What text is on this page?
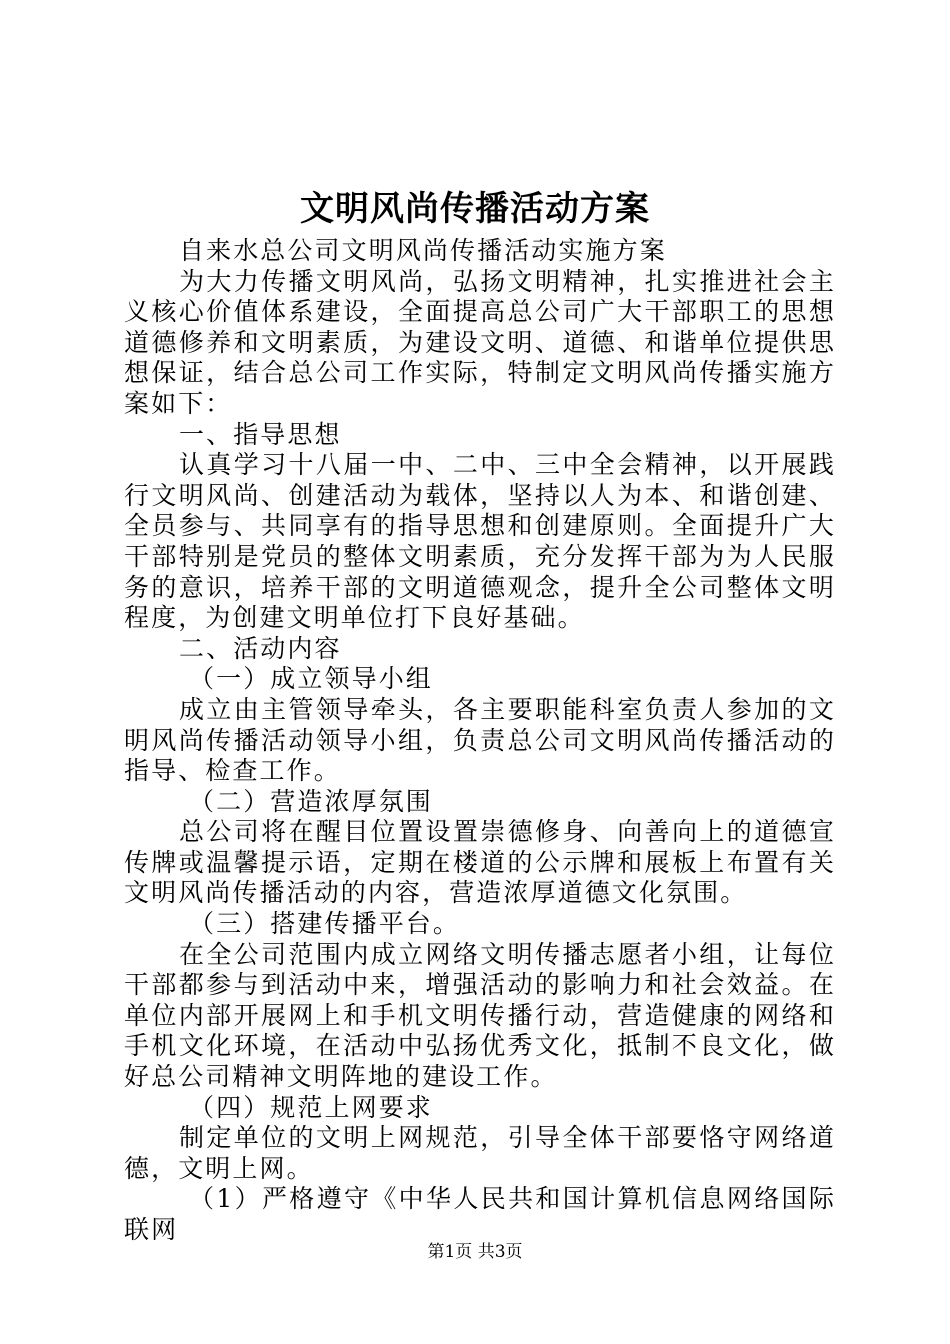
文明风尚传播活动方案

自来水总公司文明风尚传播活动实施方案

为大力传播文明风尚，弘扬文明精神，扎实推进社会主义核心价值体系建设，全面提高总公司广大干部职工的思想道德修养和文明素质，为建设文明、道德、和谐单位提供思想保证，结合总公司工作实际，特制定文明风尚传播实施方案如下：

一、指导思想

认真学习十八届一中、二中、三中全会精神，以开展践行文明风尚、创建活动为载体，坚持以人为本、和谐创建、全员参与、共同享有的指导思想和创建原则。全面提升广大干部特别是党员的整体文明素质，充分发挥干部为为人民服务的意识，培养干部的文明道德观念，提升全公司整体文明程度，为创建文明单位打下良好基础。

二、活动内容

（一）成立领导小组

成立由主管领导牵头，各主要职能科室负责人参加的文明风尚传播活动领导小组，负责总公司文明风尚传播活动的指导、检查工作。

（二）营造浓厚氛围

总公司将在醒目位置设置崇德修身、向善向上的道德宣传牌或温馨提示语，定期在楼道的公示牌和展板上布置有关文明风尚传播活动的内容，营造浓厚道德文化氛围。

（三）搭建传播平台。

在全公司范围内成立网络文明传播志愿者小组，让每位干部都参与到活动中来，增强活动的影响力和社会效益。在单位内部开展网上和手机文明传播行动，营造健康的网络和手机文化环境，在活动中弘扬优秀文化，抵制不良文化，做好总公司精神文明阵地的建设工作。

（四）规范上网要求

制定单位的文明上网规范，引导全体干部要恪守网络道德，文明上网。

（1）严格遵守《中华人民共和国计算机信息网络国际联网

第1页 共3页
